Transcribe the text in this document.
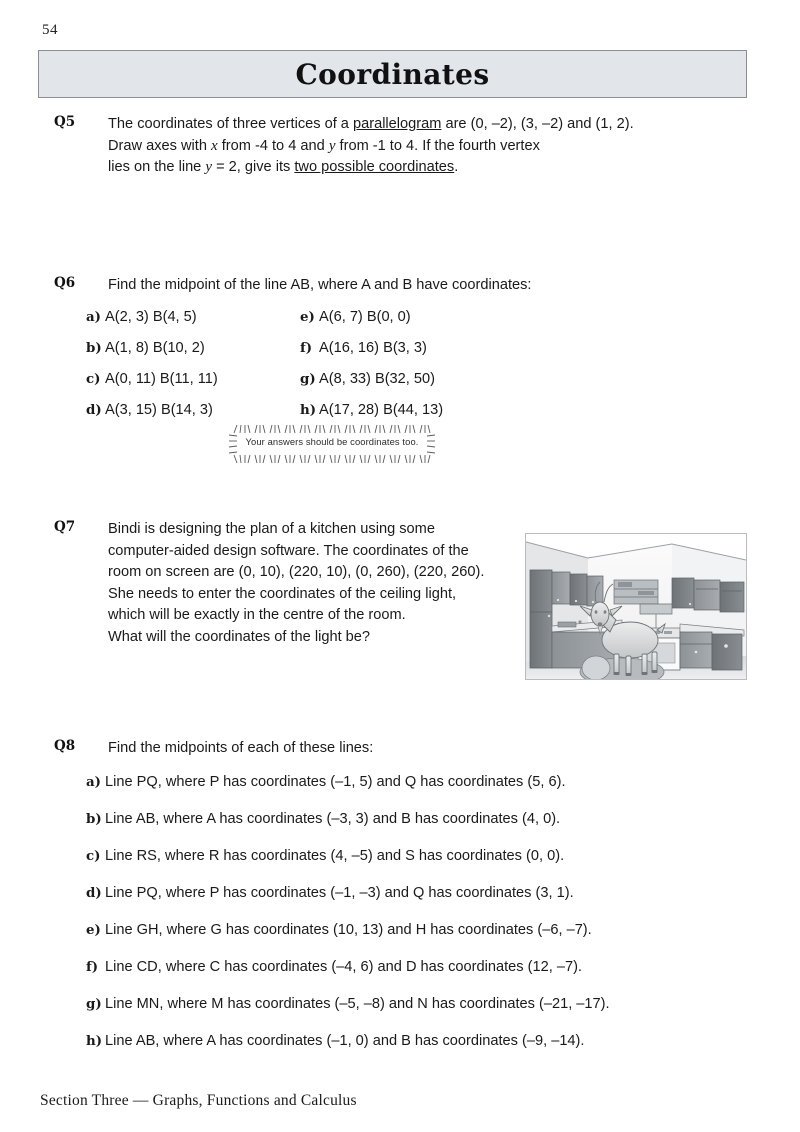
54
Coordinates
Q5	The coordinates of three vertices of a parallelogram are (0, –2), (3, –2) and (1, 2).
Draw axes with x from -4 to 4 and y from -1 to 4. If the fourth vertex
lies on the line y = 2, give its two possible coordinates.
Q6	Find the midpoint of the line AB, where A and B have coordinates:
a) A(2, 3) B(4, 5)
b) A(1, 8) B(10, 2)
c) A(0, 11) B(11, 11)
d) A(3, 15) B(14, 3)
e) A(6, 7) B(0, 0)
f) A(16, 16) B(3, 3)
g) A(8, 33) B(32, 50)
h) A(17, 28) B(44, 13)
Your answers should be coordinates too.
Q7	Bindi is designing the plan of a kitchen using some
computer-aided design software. The coordinates of the
room on screen are (0, 10), (220, 10), (0, 260), (220, 260).
She needs to enter the coordinates of the ceiling light,
which will be exactly in the centre of the room.
What will the coordinates of the light be?
Q8	Find the midpoints of each of these lines:
a) Line PQ, where P has coordinates (–1, 5) and Q has coordinates (5, 6).
b) Line AB, where A has coordinates (–3, 3) and B has coordinates (4, 0).
c) Line RS, where R has coordinates (4, –5) and S has coordinates (0, 0).
d) Line PQ, where P has coordinates (–1, –3) and Q has coordinates (3, 1).
e) Line GH, where G has coordinates (10, 13) and H has coordinates (–6, –7).
f) Line CD, where C has coordinates (–4, 6) and D has coordinates (12, –7).
g) Line MN, where M has coordinates (–5, –8) and N has coordinates (–21, –17).
h) Line AB, where A has coordinates (–1, 0) and B has coordinates (–9, –14).
Section Three — Graphs, Functions and Calculus
